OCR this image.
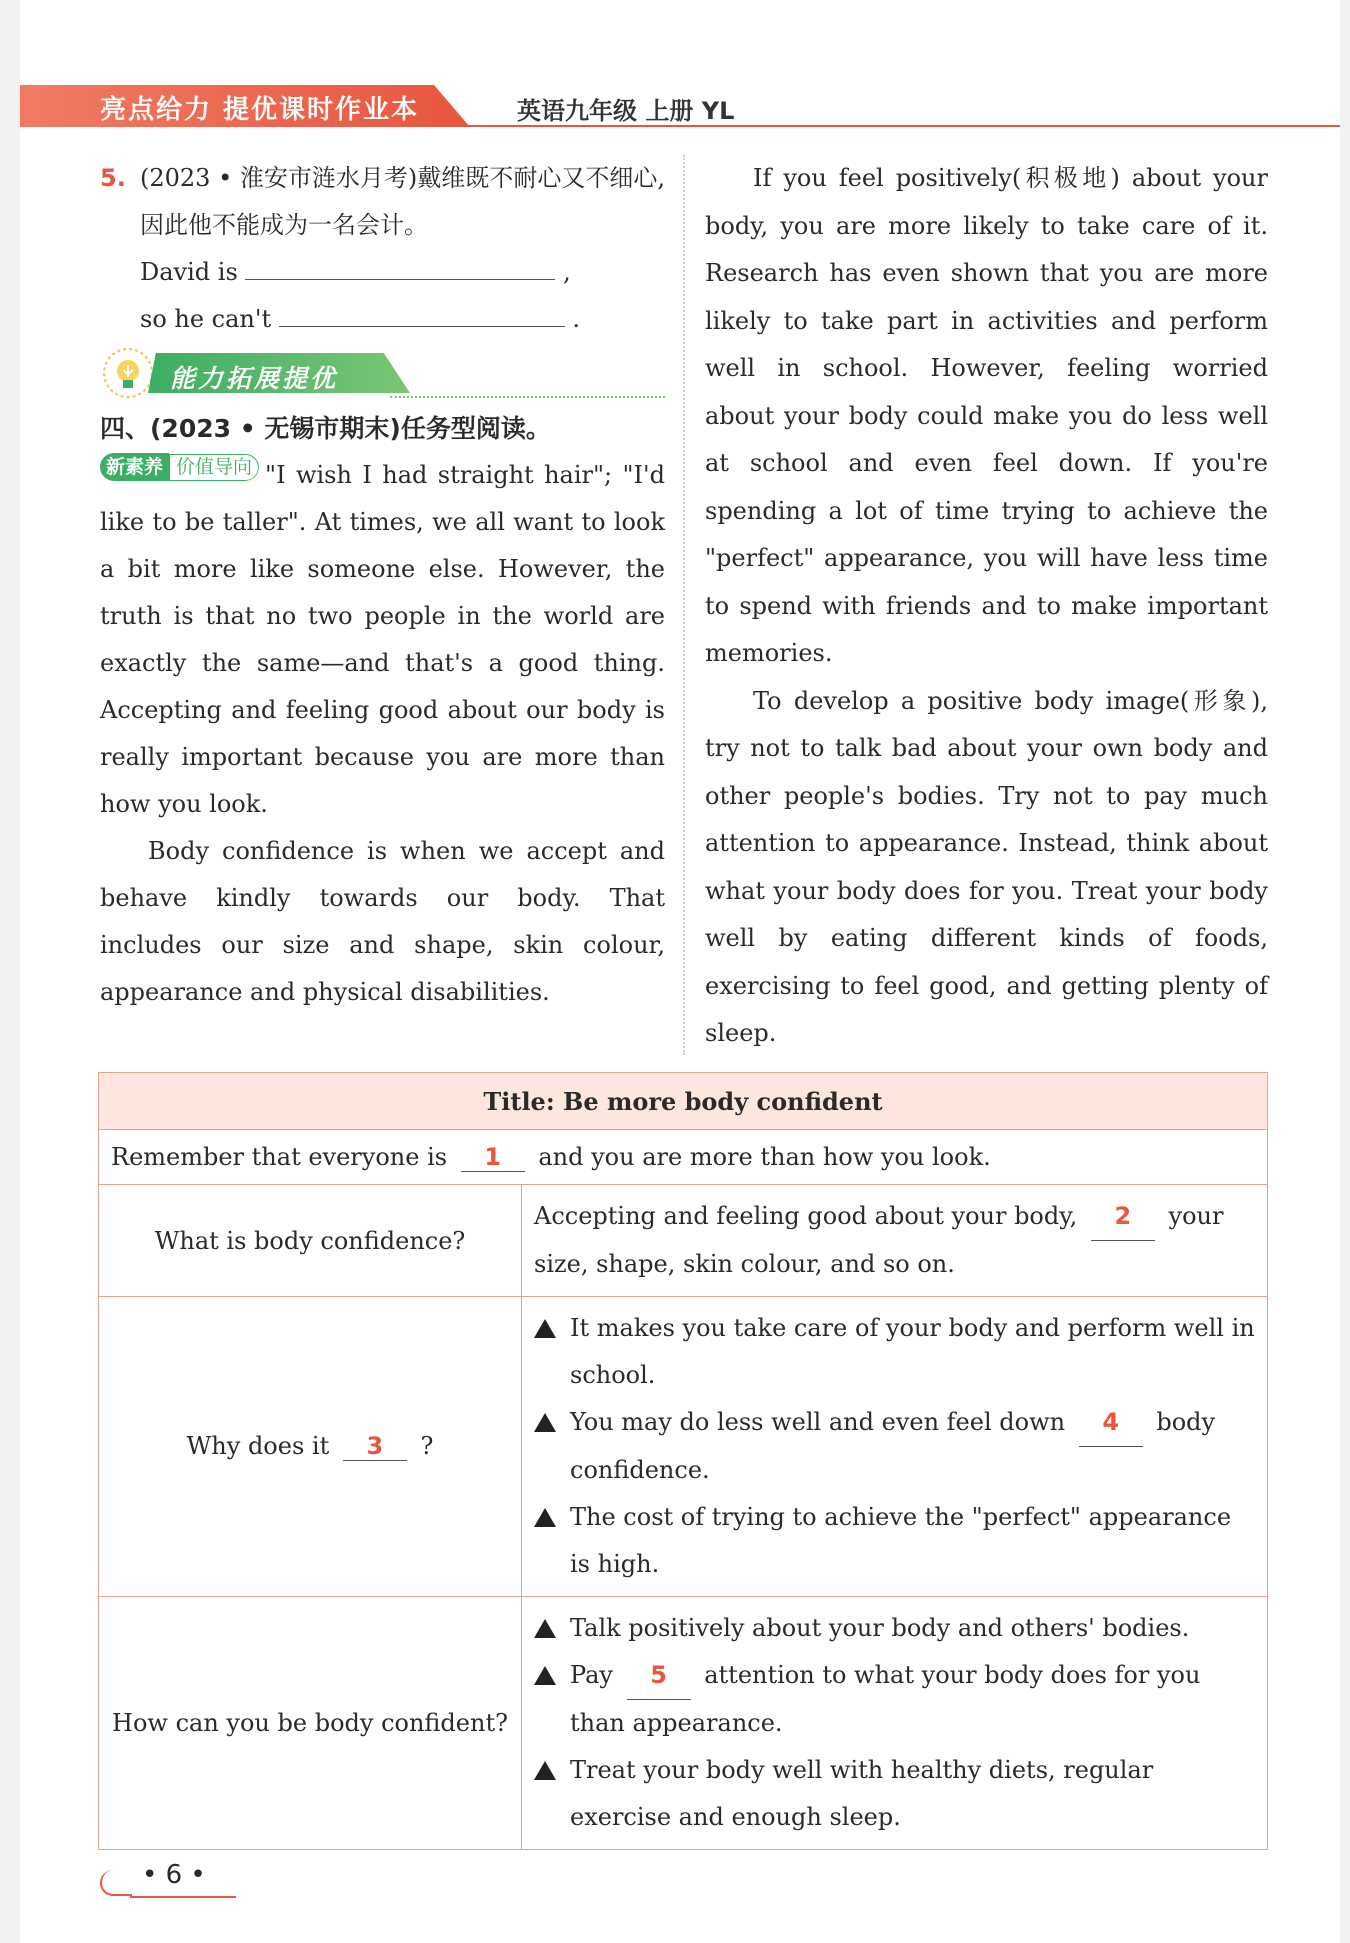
亮点给力 提优课时作业本	英语九年级 上册 YL
5. (2023 • 淮安市涟水月考)戴维既不耐心又不细心,因此他不能成为一名会计。

David is	,
so he can't	.
能力拓展提优
四、(2023 • 无锡市期末)任务型阅读。

新素养 价值导向 "I wish I had straight hair"; "I'd like to be taller". At times, we all want to look a bit more like someone else. However, the truth is that no two people in the world are exactly the same—and that's a good thing. Accepting and feeling good about our body is really important because you are more than how you look.

Body confidence is when we accept and behave kindly towards our body. That includes our size and shape, skin colour, appearance and physical disabilities.

If you feel positively(积极地) about your body, you are more likely to take care of it. Research has even shown that you are more likely to take part in activities and perform well in school. However, feeling worried about your body could make you do less well at school and even feel down. If you're spending a lot of time trying to achieve the "perfect" appearance, you will have less time to spend with friends and to make important memories.

To develop a positive body image(形象), try not to talk bad about your own body and other people's bodies. Try not to pay much attention to appearance. Instead, think about what your body does for you. Treat your body well by eating different kinds of foods, exercising to feel good, and getting plenty of sleep.

Title: Be more body confident	
Remember that everyone is 1 and you are more than how you look.	
What is body confidence?	Accepting and feeling good about your body, 2 your size, shape, skin colour, and so on.
Why does it 3 ?	It makes you take care of your body and perform well in school.
You may do less well and even feel down 4 body confidence.
The cost of trying to achieve the "perfect" appearance is high.

How can you be body confident?	Talk positively about your body and others' bodies.
Pay 5 attention to what your body does for you than appearance.
Treat your body well with healthy diets, regular exercise and enough sleep.
• 6 •
